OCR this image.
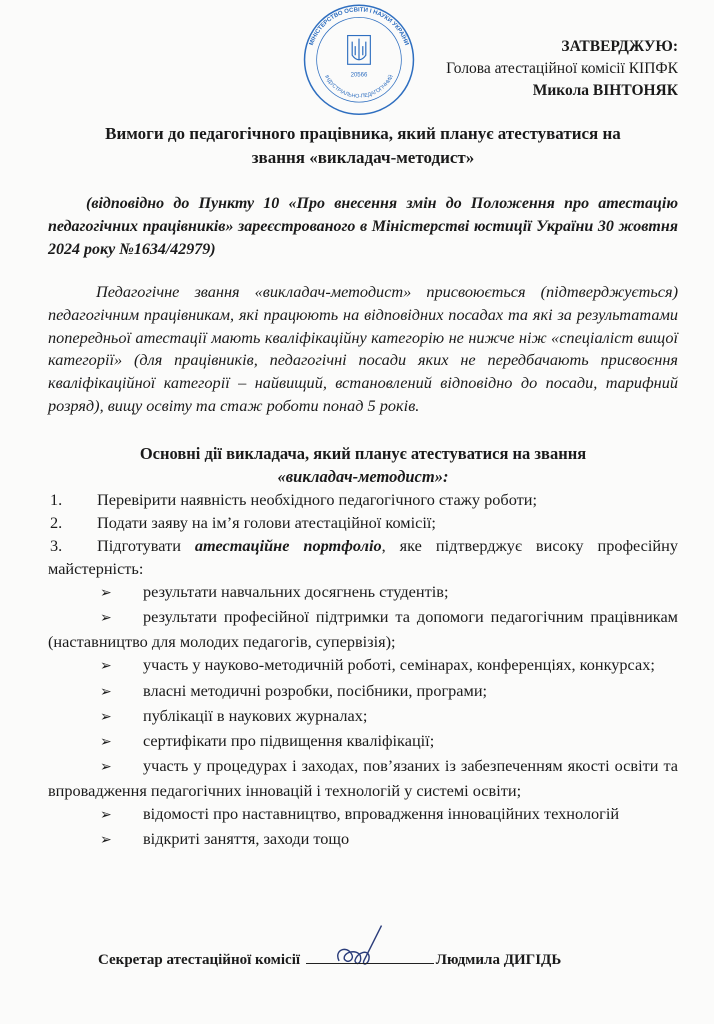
МІНІСТЕРСТВО ОСВІТИ І НАУКИ УКРАЇНИ
ІНДУСТРІАЛЬНО-ПЕДАГОГІЧНИЙ
20566
ЗАТВЕРДЖУЮ:
Голова атестаційної комісії КІПФК
Микола ВІНТОНЯК
Вимоги до педагогічного працівника, який планує атестуватися на
звання «викладач-методист»
(відповідно до Пункту 10 «Про внесення змін до Положення про атестацію педагогічних працівників» зареєстрованого в Міністерстві юстиції України 30 жовтня 2024 року №1634/42979)
Педагогічне звання «викладач-методист» присвоюється (підтверджується) педагогічним працівникам, які працюють на відповідних посадах та які за результатами попередньої атестації мають кваліфікаційну категорію не нижче ніж «спеціаліст вищої категорії» (для працівників, педагогічні посади яких не передбачають присвоєння кваліфікаційної категорії – найвищий, встановлений відповідно до посади, тарифний розряд), вищу освіту та стаж роботи понад 5 років.
Основні дії викладача, який планує атестуватися на звання
«викладач-методист»:
1.	Перевірити наявність необхідного педагогічного стажу роботи;
2.	Подати заяву на ім’я голови атестаційної комісії;
3. Підготувати атестаційне портфоліо, яке підтверджує високу професійну майстерність:
➢ результати навчальних досягнень студентів;
➢ результати професійної підтримки та допомоги педагогічним працівникам (наставництво для молодих педагогів, супервізія);
➢ участь у науково-методичній роботі, семінарах, конференціях, конкурсах;
➢ власні методичні розробки, посібники, програми;
➢ публікації в наукових журналах;
➢ сертифікати про підвищення кваліфікації;
➢ участь у процедурах і заходах, пов’язаних із забезпеченням якості освіти та впровадження педагогічних інновацій і технологій у системі освіти;
➢ відомості про наставництво, впровадження інноваційних технологій
➢ відкриті заняття, заходи тощо
Секретар атестаційної комісії	Людмила ДИГІДЬ
